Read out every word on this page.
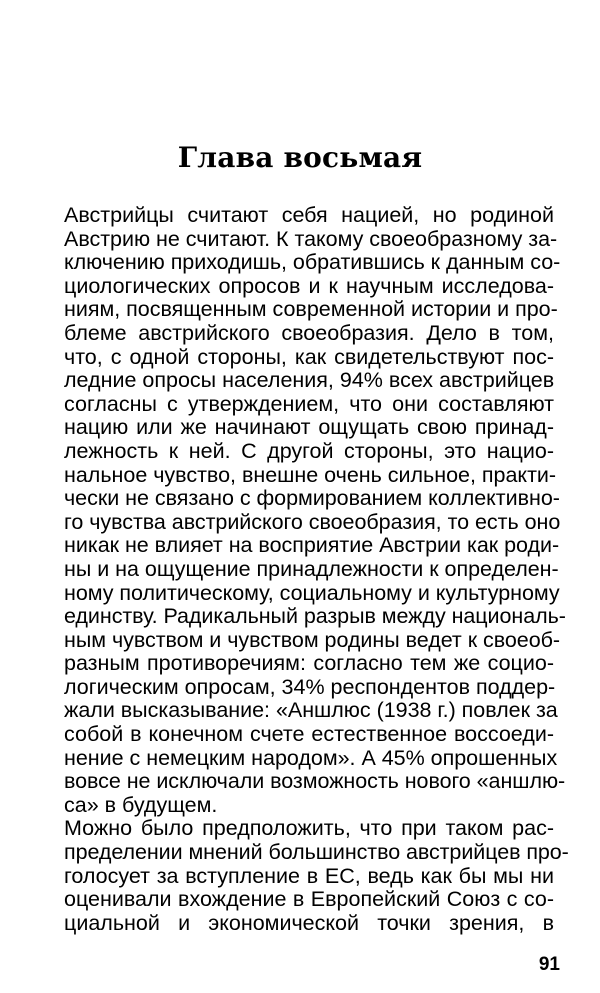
Глава восьмая
Австрийцы считают себя нацией, но родиной
Австрию не считают. К такому своеобразному за-
ключению приходишь, обратившись к данным со-
циологических опросов и к научным исследова-
ниям, посвященным современной истории и про-
блеме австрийского своеобразия. Дело в том,
что, с одной стороны, как свидетельствуют пос-
ледние опросы населения, 94% всех австрийцев
согласны с утверждением, что они составляют
нацию или же начинают ощущать свою принад-
лежность к ней. С другой стороны, это нацио-
нальное чувство, внешне очень сильное, практи-
чески не связано с формированием коллективно-
го чувства австрийского своеобразия, то есть оно
никак не влияет на восприятие Австрии как роди-
ны и на ощущение принадлежности к определен-
ному политическому, социальному и культурному
единству. Радикальный разрыв между националь-
ным чувством и чувством родины ведет к своеоб-
разным противоречиям: согласно тем же социо-
логическим опросам, 34% респондентов поддер-
жали высказывание: «Аншлюс (1938 г.) повлек за
собой в конечном счете естественное воссоеди-
нение с немецким народом». А 45% опрошенных
вовсе не исключали возможность нового «аншлю-
са» в будущем.
Можно было предположить, что при таком рас-
пределении мнений большинство австрийцев про-
голосует за вступление в ЕС, ведь как бы мы ни
оценивали вхождение в Европейский Союз с со-
циальной и экономической точки зрения, в
91
